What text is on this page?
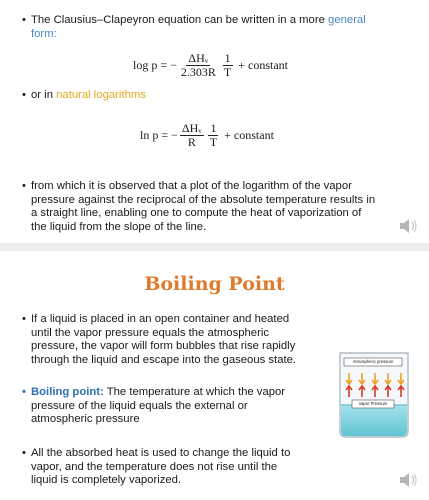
• The Clausius–Clapeyron equation can be written in a more general
form:
log p = − $\frac{\text{ΔHᵥ}}{2.303R} \frac{1}{T}$ + constant
• or in natural logarithms
ln p = − $\frac{\text{ΔHᵥ}}{R} \frac{1}{T}$ + constant
• from which it is observed that a plot of the logarithm of the vapor
pressure against the reciprocal of the absolute temperature results in
a straight line, enabling one to compute the heat of vaporization of
the liquid from the slope of the line.
Boiling Point
• If a liquid is placed in an open container and heated
until the vapor pressure equals the atmospheric
pressure, the vapor will form bubbles that rise rapidly
through the liquid and escape into the gaseous state.
• Boiling point: The temperature at which the vapor
pressure of the liquid equals the external or
atmospheric pressure
• All the absorbed heat is used to change the liquid to
vapor, and the temperature does not rise until the
liquid is completely vaporized.
Atmospheric pressure
Vapor Pressure
